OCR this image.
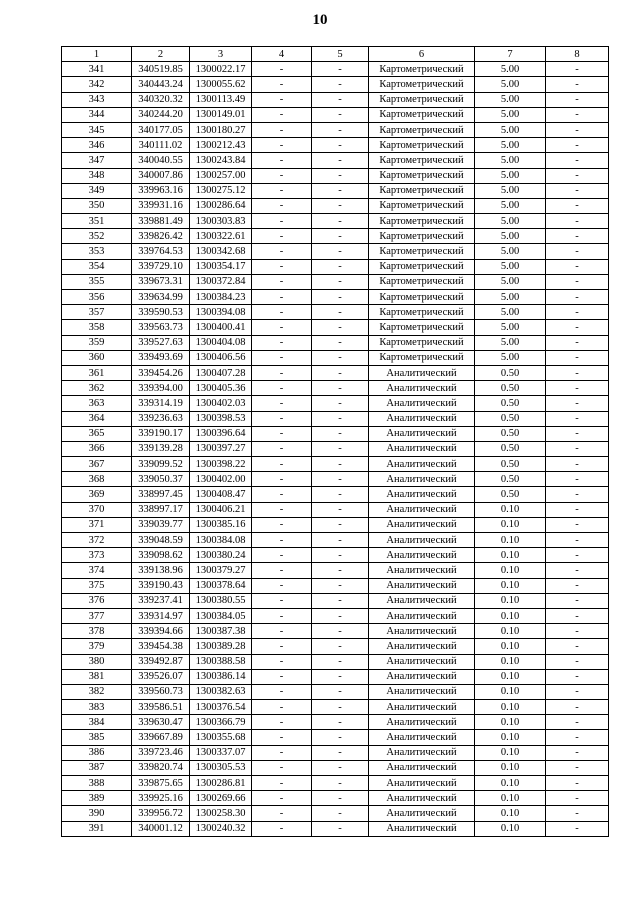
10
1	2	3	4	5	6	7	8
341	340519.85	1300022.17	-	-	Картометрический	5.00	-
342	340443.24	1300055.62	-	-	Картометрический	5.00	-
343	340320.32	1300113.49	-	-	Картометрический	5.00	-
344	340244.20	1300149.01	-	-	Картометрический	5.00	-
345	340177.05	1300180.27	-	-	Картометрический	5.00	-
346	340111.02	1300212.43	-	-	Картометрический	5.00	-
347	340040.55	1300243.84	-	-	Картометрический	5.00	-
348	340007.86	1300257.00	-	-	Картометрический	5.00	-
349	339963.16	1300275.12	-	-	Картометрический	5.00	-
350	339931.16	1300286.64	-	-	Картометрический	5.00	-
351	339881.49	1300303.83	-	-	Картометрический	5.00	-
352	339826.42	1300322.61	-	-	Картометрический	5.00	-
353	339764.53	1300342.68	-	-	Картометрический	5.00	-
354	339729.10	1300354.17	-	-	Картометрический	5.00	-
355	339673.31	1300372.84	-	-	Картометрический	5.00	-
356	339634.99	1300384.23	-	-	Картометрический	5.00	-
357	339590.53	1300394.08	-	-	Картометрический	5.00	-
358	339563.73	1300400.41	-	-	Картометрический	5.00	-
359	339527.63	1300404.08	-	-	Картометрический	5.00	-
360	339493.69	1300406.56	-	-	Картометрический	5.00	-
361	339454.26	1300407.28	-	-	Аналитический	0.50	-
362	339394.00	1300405.36	-	-	Аналитический	0.50	-
363	339314.19	1300402.03	-	-	Аналитический	0.50	-
364	339236.63	1300398.53	-	-	Аналитический	0.50	-
365	339190.17	1300396.64	-	-	Аналитический	0.50	-
366	339139.28	1300397.27	-	-	Аналитический	0.50	-
367	339099.52	1300398.22	-	-	Аналитический	0.50	-
368	339050.37	1300402.00	-	-	Аналитический	0.50	-
369	338997.45	1300408.47	-	-	Аналитический	0.50	-
370	338997.17	1300406.21	-	-	Аналитический	0.10	-
371	339039.77	1300385.16	-	-	Аналитический	0.10	-
372	339048.59	1300384.08	-	-	Аналитический	0.10	-
373	339098.62	1300380.24	-	-	Аналитический	0.10	-
374	339138.96	1300379.27	-	-	Аналитический	0.10	-
375	339190.43	1300378.64	-	-	Аналитический	0.10	-
376	339237.41	1300380.55	-	-	Аналитический	0.10	-
377	339314.97	1300384.05	-	-	Аналитический	0.10	-
378	339394.66	1300387.38	-	-	Аналитический	0.10	-
379	339454.38	1300389.28	-	-	Аналитический	0.10	-
380	339492.87	1300388.58	-	-	Аналитический	0.10	-
381	339526.07	1300386.14	-	-	Аналитический	0.10	-
382	339560.73	1300382.63	-	-	Аналитический	0.10	-
383	339586.51	1300376.54	-	-	Аналитический	0.10	-
384	339630.47	1300366.79	-	-	Аналитический	0.10	-
385	339667.89	1300355.68	-	-	Аналитический	0.10	-
386	339723.46	1300337.07	-	-	Аналитический	0.10	-
387	339820.74	1300305.53	-	-	Аналитический	0.10	-
388	339875.65	1300286.81	-	-	Аналитический	0.10	-
389	339925.16	1300269.66	-	-	Аналитический	0.10	-
390	339956.72	1300258.30	-	-	Аналитический	0.10	-
391	340001.12	1300240.32	-	-	Аналитический	0.10	-
